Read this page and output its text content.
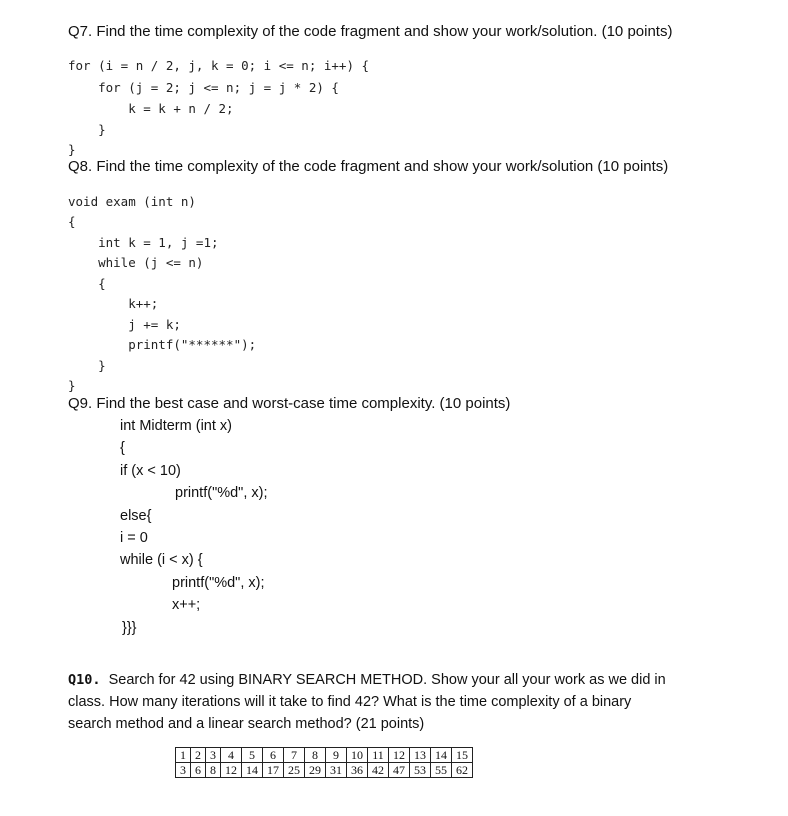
Q7. Find the time complexity of the code fragment and show your work/solution. (10 points)
for (i = n / 2, j, k = 0; i <= n; i++) {
for (j = 2; j <= n; j = j * 2) {
k = k + n / 2;
}
}
Q8. Find the time complexity of the code fragment and show your work/solution (10 points)
void exam (int n)
{
int k = 1, j =1;
while (j <= n)
{
k++;
j += k;
printf("******");
}
}
Q9. Find the best case and worst-case time complexity. (10 points)
int Midterm (int x)
{
if (x < 10)
printf("%d", x);
else{
i = 0
while (i < x) {
printf("%d", x);
x++;
}}}
Q10. Search for 42 using BINARY SEARCH METHOD. Show your all your work as we did in
class. How many iterations will it take to find 42? What is the time complexity of a binary
search method and a linear search method? (21 points)
1	2	3	4	5	6	7	8	9	10	11	12	13	14	15
3	6	8	12	14	17	25	29	31	36	42	47	53	55	62
